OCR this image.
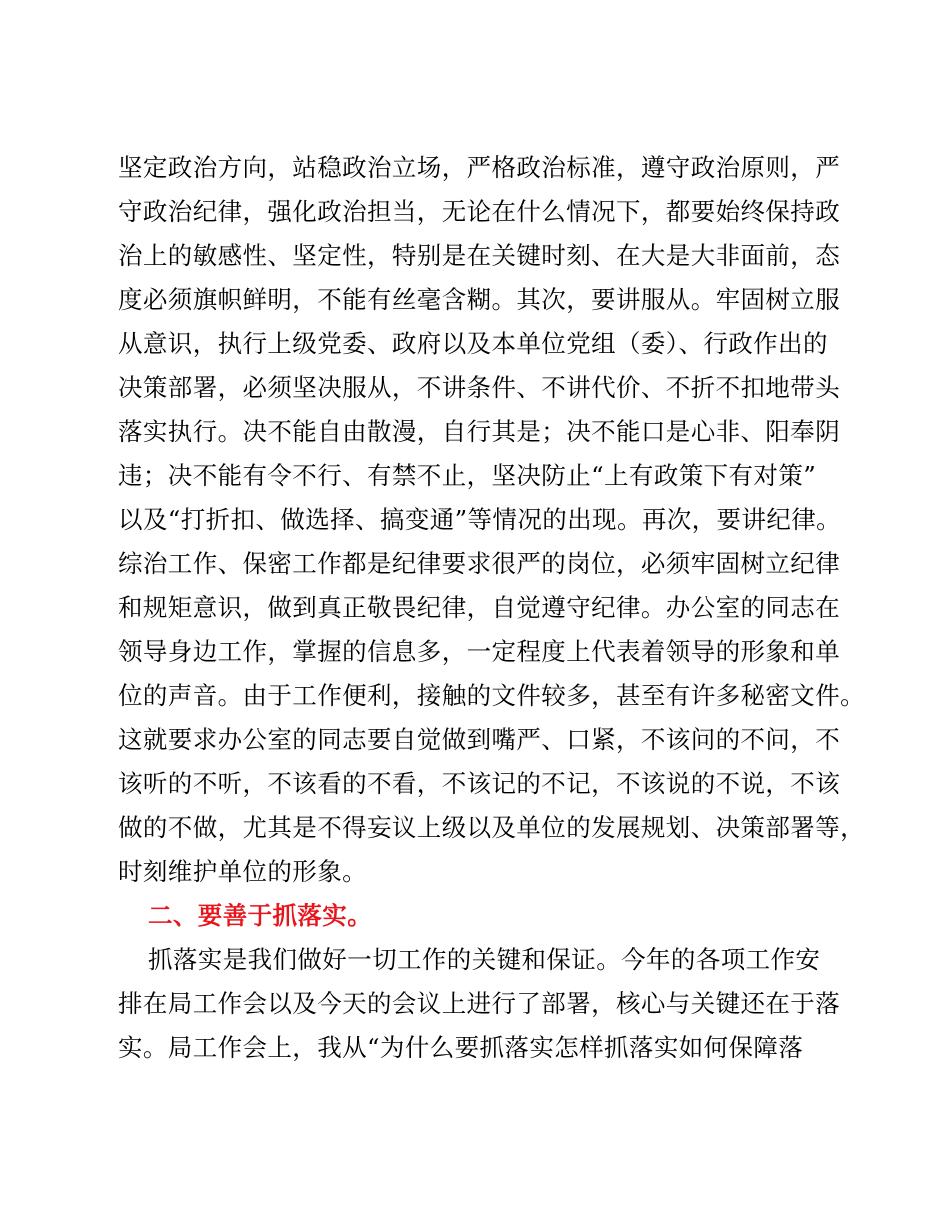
坚定政治方向，站稳政治立场，严格政治标准，遵守政治原则，严
守政治纪律，强化政治担当，无论在什么情况下，都要始终保持政
治上的敏感性、坚定性，特别是在关键时刻、在大是大非面前，态
度必须旗帜鲜明，不能有丝毫含糊。其次，要讲服从。牢固树立服
从意识，执行上级党委、政府以及本单位党组（委）、行政作出的
决策部署，必须坚决服从，不讲条件、不讲代价、不折不扣地带头
落实执行。决不能自由散漫，自行其是；决不能口是心非、阳奉阴
违；决不能有令不行、有禁不止，坚决防止“上有政策下有对策”
以及“打折扣、做选择、搞变通”等情况的出现。再次，要讲纪律。
综治工作、保密工作都是纪律要求很严的岗位，必须牢固树立纪律
和规矩意识，做到真正敬畏纪律，自觉遵守纪律。办公室的同志在
领导身边工作，掌握的信息多，一定程度上代表着领导的形象和单
位的声音。由于工作便利，接触的文件较多，甚至有许多秘密文件。
这就要求办公室的同志要自觉做到嘴严、口紧，不该问的不问，不
该听的不听，不该看的不看，不该记的不记，不该说的不说，不该
做的不做，尤其是不得妄议上级以及单位的发展规划、决策部署等，
时刻维护单位的形象。
二、要善于抓落实。
抓落实是我们做好一切工作的关键和保证。今年的各项工作安
排在局工作会以及今天的会议上进行了部署，核心与关键还在于落
实。局工作会上，我从“为什么要抓落实怎样抓落实如何保障落
